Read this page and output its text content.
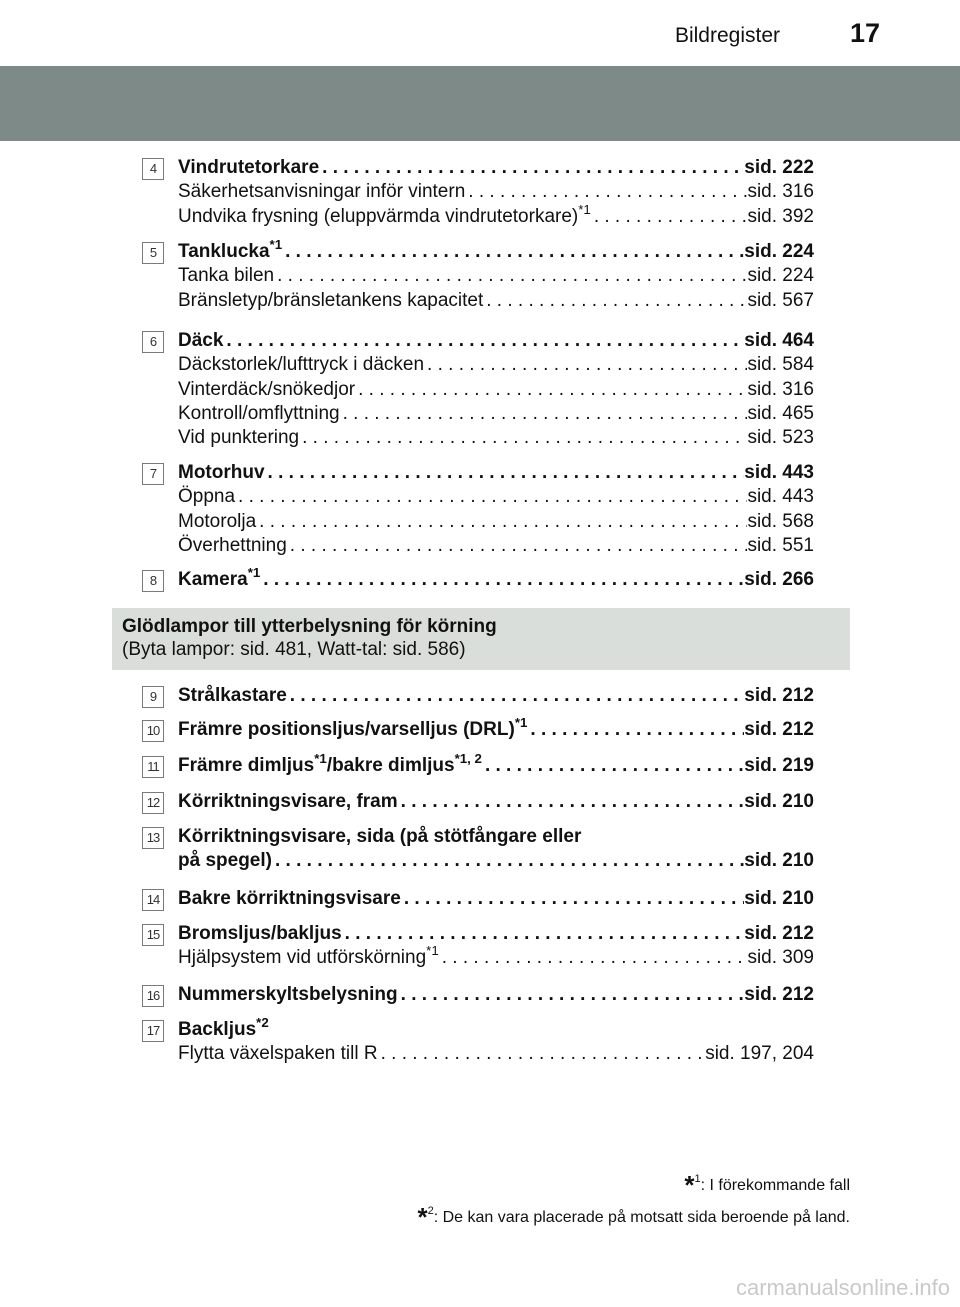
Bildregister	17
4	Vindrutetorkare . . .	sid. 222
Säkerhetsanvisningar inför vintern . . .	sid. 316
Undvika frysning (eluppvärmda vindrutetorkare)$^{*1}$ . . .	sid. 392
5	Tanklucka$^{*1}$ . . .	sid. 224
Tanka bilen . . .	sid. 224
Bränsletyp/bränsletankens kapacitet . . .	sid. 567
6	Däck . . .	sid. 464
Däckstorlek/lufttryck i däcken . . .	sid. 584
Vinterdäck/snökedjor . . .	sid. 316
Kontroll/omflyttning . . .	sid. 465
Vid punktering . . .	sid. 523
7	Motorhuv . . .	sid. 443
Öppna . . .	sid. 443
Motorolja . . .	sid. 568
Överhettning . . .	sid. 551
8	Kamera$^{*1}$ . . .	sid. 266
9	Strålkastare . . .	sid. 212
10 Främre positionsljus/varselljus (DRL)$^{*1}$ . . .	sid. 212
11 Främre dimljus$^{*1}$/bakre dimljus$^{*1, 2}$ . . .	sid. 219
12 Körriktningsvisare, fram . . .	sid. 210
13 Körriktningsvisare, sida (på stötfångare eller
på spegel) . . .	sid. 210
14 Bakre körriktningsvisare . . .	sid. 210
15 Bromsljus/bakljus . . .	sid. 212
Hjälpsystem vid utförskörning$^{*1}$ . . .	sid. 309
16 Nummerskyltsbelysning . . .	sid. 212
17 Backljus$^{*2}$
Flytta växelspaken till R . . .	sid. 197, 204
Glödlampor till ytterbelysning för körning
(Byta lampor: sid. 481, Watt-tal: sid. 586)
*$^1$: I förekommande fall
*$^2$: De kan vara placerade på motsatt sida beroende på land.
carmanualsonline.info
